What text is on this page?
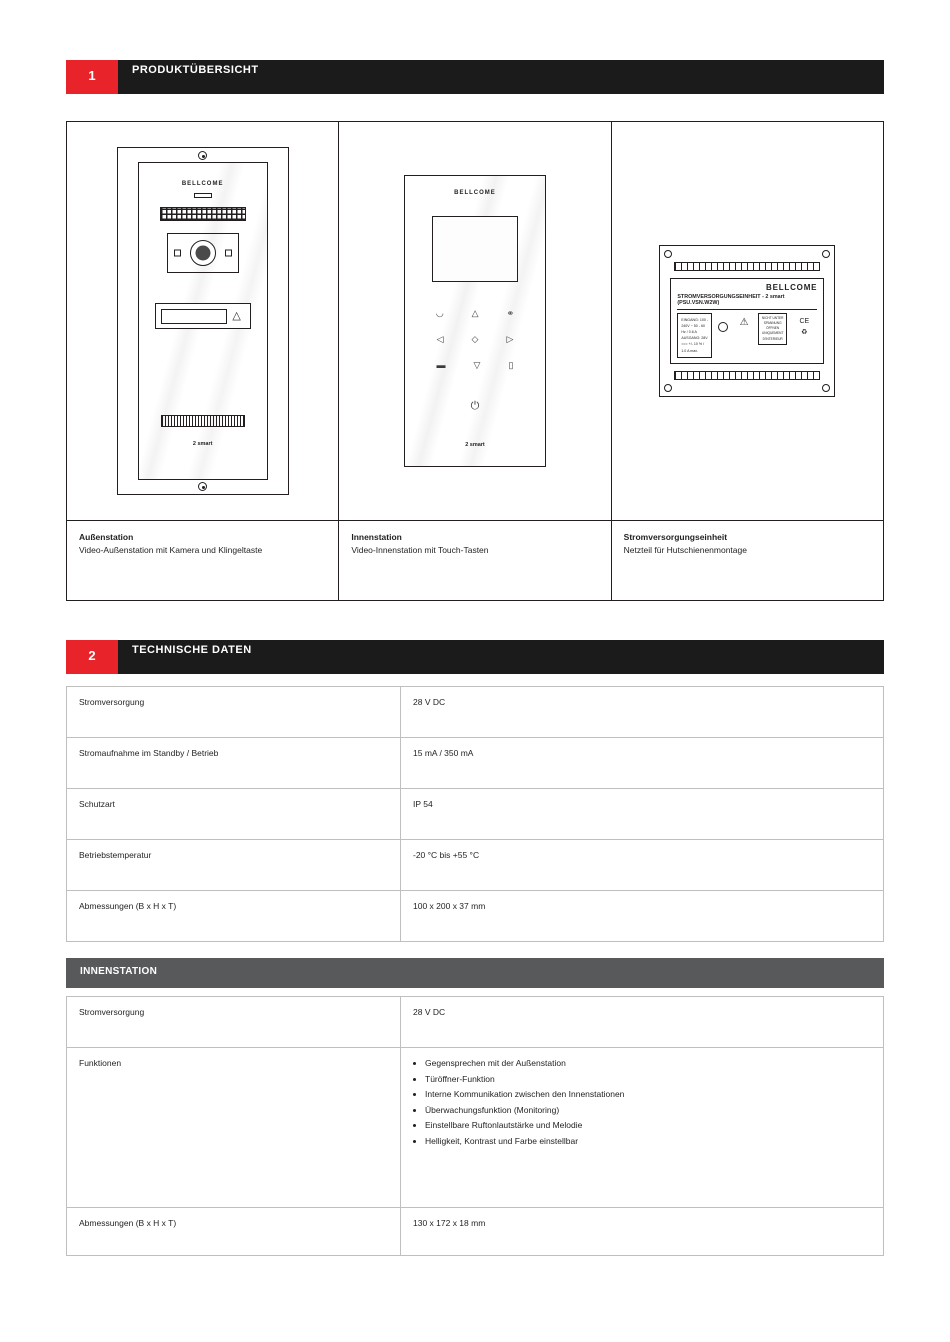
1	PRODUKTÜBERSICHT
BELLCOME
△
2 smart
Außenstation
Video-Außenstation mit Kamera und Klingeltaste
BELLCOME
◡	△	⚭
◁	◇	▷
▬	▽	▯
⏻
2 smart
Innenstation
Video-Innenstation mit Touch-Tasten
BELLCOME
STROMVERSORGUNGSEINHEIT - 2 smart (PSU.VSN.W2W)
EINGANG: 100 - 240V ~ 50 - 60 Hz / 0.6 A
AUSGANG: 28V === +/- 10 % / 1.0 A max.
⚠	NICHT UNTER SPANNUNG ÖFFNEN
UNIQUEMENT D'INTERIEUR
CE
♻
Stromversorgungseinheit
Netzteil für Hutschienenmontage
2	TECHNISCHE DATEN
Stromversorgung	28 V DC
Stromaufnahme im Standby / Betrieb	15 mA / 350 mA
Schutzart	IP 54
Betriebstemperatur	-20 °C bis +55 °C
Abmessungen (B x H x T)	100 x 200 x 37 mm
INNENSTATION
Stromversorgung	28 V DC
Funktionen	• Gegensprechen mit der Außenstation
• Türöffner-Funktion
• Interne Kommunikation zwischen den Innenstationen
• Überwachungsfunktion (Monitoring)
• Einstellbare Ruftonlautstärke und Melodie
• Helligkeit, Kontrast und Farbe einstellbar
Abmessungen (B x H x T)	130 x 172 x 18 mm
